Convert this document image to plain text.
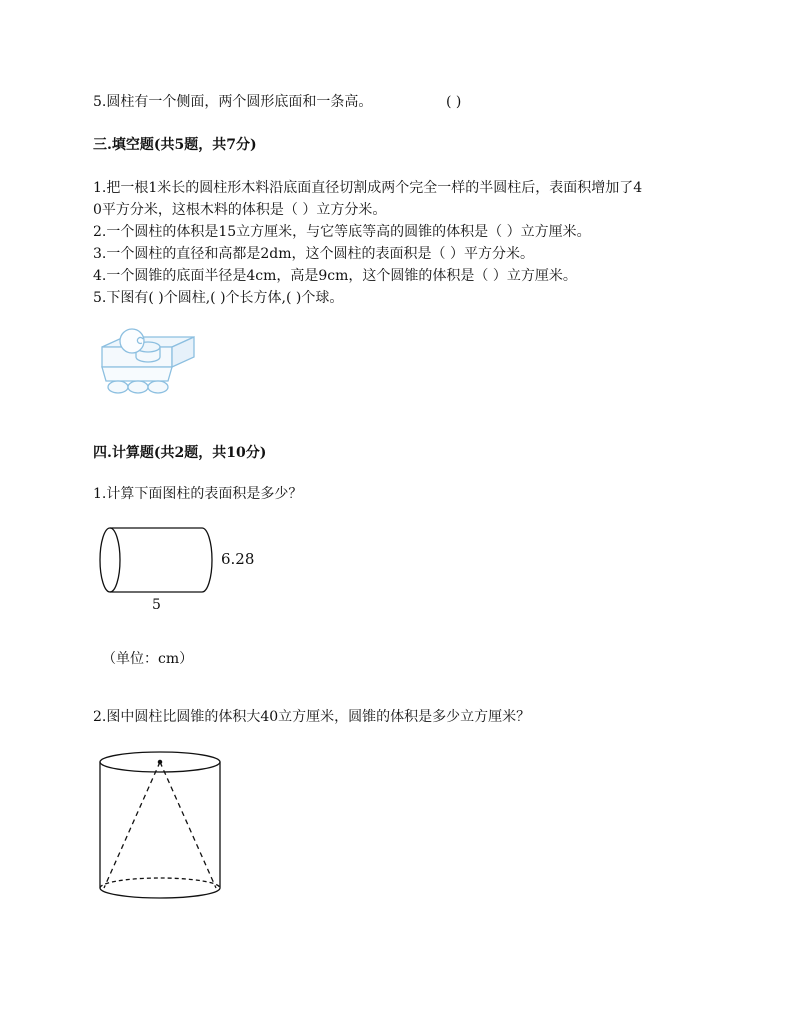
5.圆柱有一个侧面，两个圆形底面和一条高。	( )
三.填空题(共5题，共7分)
1.把一根1米长的圆柱形木料沿底面直径切割成两个完全一样的半圆柱后，表面积增加了4
0平方分米，这根木料的体积是（ ）立方分米。
2.一个圆柱的体积是15立方厘米，与它等底等高的圆锥的体积是（ ）立方厘米。
3.一个圆柱的直径和高都是2dm，这个圆柱的表面积是（ ）平方分米。
4.一个圆锥的底面半径是4cm，高是9cm，这个圆锥的体积是（ ）立方厘米。
5.下图有( )个圆柱,( )个长方体,( )个球。
四.计算题(共2题，共10分)
1.计算下面图柱的表面积是多少？
6.28
5
（单位：cm）
2.图中圆柱比圆锥的体积大40立方厘米，圆锥的体积是多少立方厘米？
